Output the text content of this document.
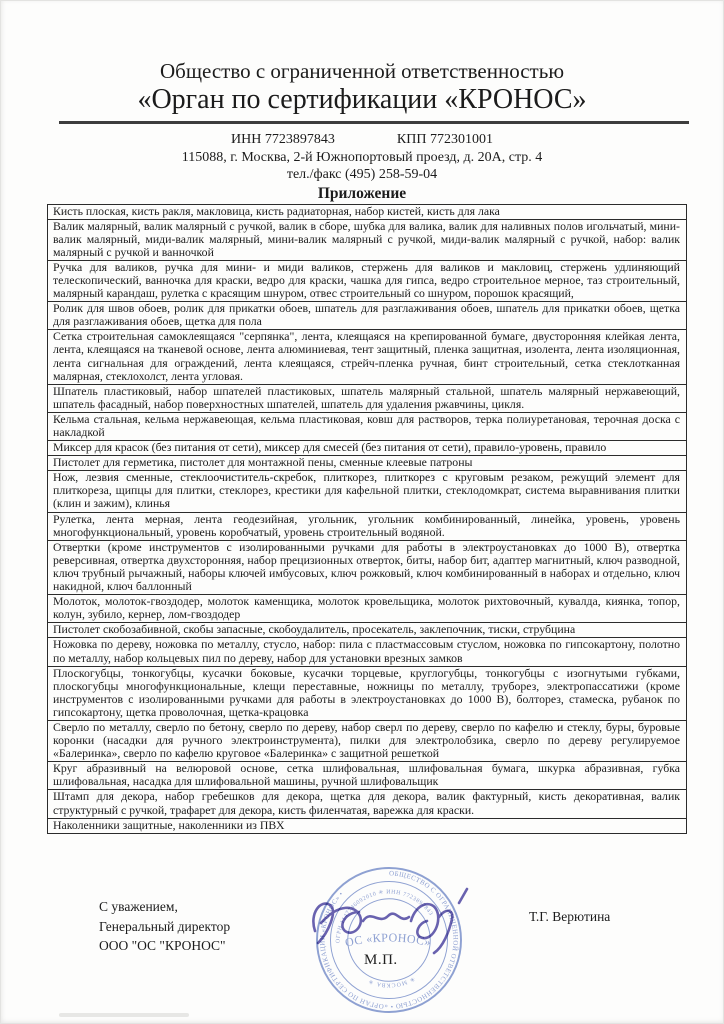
Общество с ограниченной ответственностью
«Орган по сертификации «КРОНОС»
ИНН 7723897843	КПП 772301001
115088, г. Москва, 2-й Южнопортовый проезд, д. 20А, стр. 4
тел./факс (495) 258-59-04
Приложение
Кисть плоская, кисть ракля, макловица, кисть радиаторная, набор кистей, кисть для лака
Валик малярный, валик малярный с ручкой, валик в сборе, шубка для валика, валик для наливных полов игольчатый, мини-валик малярный, миди-валик малярный, мини-валик малярный с ручкой, миди-валик малярный с ручкой, набор: валик малярный с ручкой и ванночкой
Ручка для валиков, ручка для мини- и миди валиков, стержень для валиков и макловиц, стержень удлиняющий телескопический, ванночка для краски, ведро для краски, чашка для гипса, ведро строительное мерное, таз строительный, малярный карандаш, рулетка с красящим шнуром, отвес строительный со шнуром, порошок красящий,
Ролик для швов обоев, ролик для прикатки обоев, шпатель для разглаживания обоев, шпатель для прикатки обоев, щетка для разглаживания обоев, щетка для пола
Сетка строительная самоклеящаяся "серпянка", лента, клеящаяся на крепированной бумаге, двусторонняя клейкая лента, лента, клеящаяся на тканевой основе, лента алюминиевая, тент защитный, пленка защитная, изолента, лента изоляционная, лента сигнальная для ограждений, лента клеящаяся, стрейч-пленка ручная, бинт строительный, сетка стеклотканная малярная, стеклохолст, лента угловая.
Шпатель пластиковый, набор шпателей пластиковых, шпатель малярный стальной, шпатель малярный нержавеющий, шпатель фасадный, набор поверхностных шпателей, шпатель для удаления ржавчины, цикля.
Кельма стальная, кельма нержавеющая, кельма пластиковая, ковш для растворов, терка полиуретановая, терочная доска с накладкой
Миксер для красок (без питания от сети), миксер для смесей (без питания от сети), правило-уровень, правило
Пистолет для герметика, пистолет для монтажной пены, сменные клеевые патроны
Нож, лезвия сменные, стеклоочиститель-скребок, плиткорез, плиткорез с круговым резаком, режущий элемент для плиткореза, щипцы для плитки, стеклорез, крестики для кафельной плитки, стеклодомкрат, система выравнивания плитки (клин и зажим), клинья
Рулетка, лента мерная, лента геодезийная, угольник, угольник комбинированный, линейка, уровень, уровень многофункциональный, уровень коробчатый, уровень строительный водяной.
Отвертки (кроме инструментов с изолированными ручками для работы в электроустановках до 1000 В), отвертка реверсивная, отвертка двухсторонняя, набор прецизионных отверток, биты, набор бит, адаптер магнитный, ключ разводной, ключ трубный рычажный, наборы ключей имбусовых, ключ рожковый, ключ комбинированный в наборах и отдельно, ключ накидной, ключ баллонный
Молоток, молоток-гвоздодер, молоток каменщика, молоток кровельщика, молоток рихтовочный, кувалда, киянка, топор, колун, зубило, кернер, лом-гвоздодер
Пистолет скобозабивной, скобы запасные, скобоудалитель, просекатель, заклепочник, тиски, струбцина
Ножовка по дереву, ножовка по металлу, стусло, набор: пила с пластмассовым стуслом, ножовка по гипсокартону, полотно по металлу, набор кольцевых пил по дереву, набор для установки врезных замков
Плоскогубцы, тонкогубцы, кусачки боковые, кусачки торцевые, круглогубцы, тонкогубцы с изогнутыми губками, плоскогубцы многофункциональные, клещи переставные, ножницы по металлу, труборез, электропассатижи (кроме инструментов с изолированными ручками для работы в электроустановках до 1000 В), болторез, стамеска, рубанок по гипсокартону, щетка проволочная, щетка-крацовка
Сверло по металлу, сверло по бетону, сверло по дереву, набор сверл по дереву, сверло по кафелю и стеклу, буры, буровые коронки (насадки для ручного электроинструмента), пилки для электролобзика, сверло по дереву регулируемое «Балеринка», сверло по кафелю круговое «Балеринка» с защитной решеткой
Круг абразивный на велюровой основе, сетка шлифовальная, шлифовальная бумага, шкурка абразивная, губка шлифовальная, насадка для шлифовальной машины, ручной шлифовальщик
Штамп для декора, набор гребешков для декора, щетка для декора, валик фактурный, кисть декоративная, валик структурный с ручкой, трафарет для декора, кисть филенчатая, варежка для краски.
Наколенники защитные, наколенники из ПВХ
С уважением,
Генеральный директор
ООО "ОС "КРОНОС"
Т.Г. Верютина
М.П.
ОБЩЕСТВО С ОГРАНИЧЕННОЙ ОТВЕТСТВЕННОСТЬЮ • «ОРГАН ПО СЕРТИФИКАЦИИ «КРОНОС» •
ОГРН 1147746092010 ✳ ИНН 7723897843
✳ МОСКВА ✳
ОС «КРОНОС»
